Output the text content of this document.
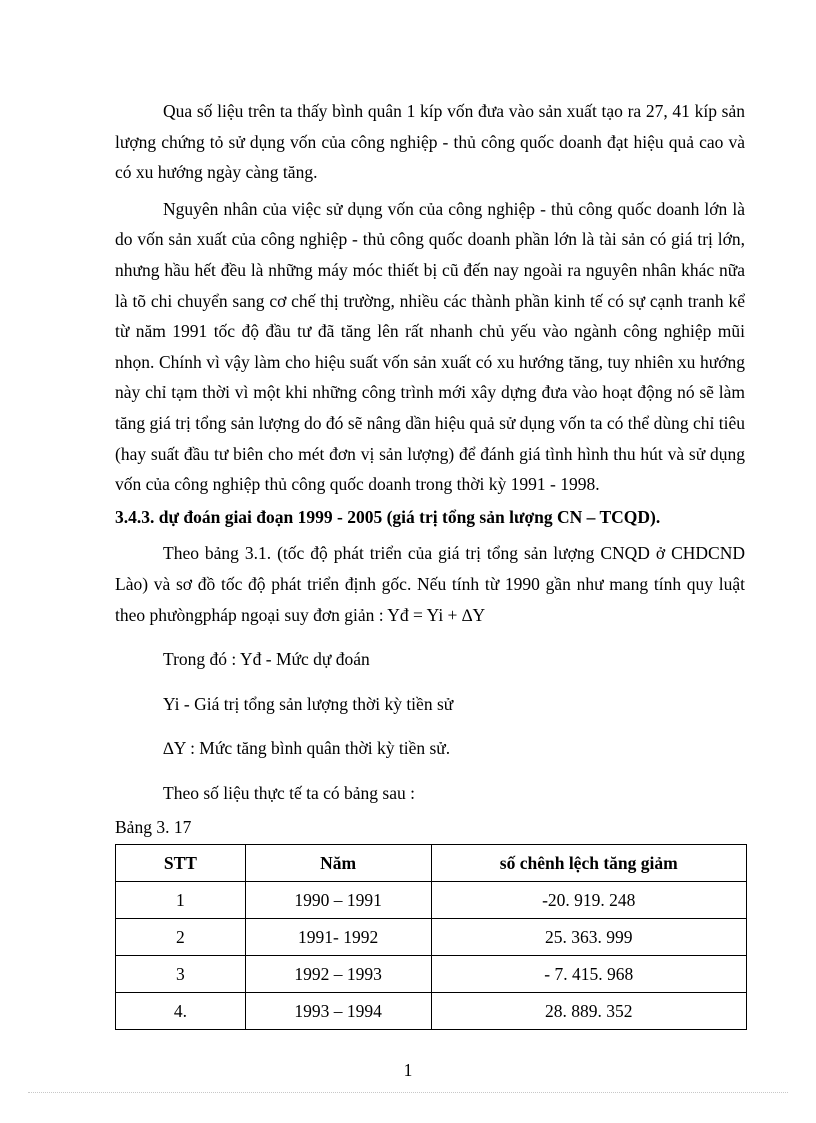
Qua số liệu trên ta thấy bình quân 1 kíp vốn đưa vào sản xuất tạo ra 27, 41 kíp sản lượng chứng tỏ sử dụng vốn của công nghiệp - thủ công quốc doanh đạt hiệu quả cao và có xu hướng ngày càng tăng.

Nguyên nhân của việc sử dụng vốn của công nghiệp - thủ công quốc doanh lớn là do vốn sản xuất của công nghiệp - thủ công quốc doanh phần lớn là tài sản có giá trị lớn, nhưng hầu hết đều là những máy móc thiết bị cũ đến nay ngoài ra nguyên nhân khác nữa là tõ chi chuyển sang cơ chế thị trường, nhiều các thành phần kinh tế có sự cạnh tranh kể từ năm 1991 tốc độ đầu tư đã tăng lên rất nhanh chủ yếu vào ngành công nghiệp mũi nhọn. Chính vì vậy làm cho hiệu suất vốn sản xuất có xu hướng tăng, tuy nhiên xu hướng này chỉ tạm thời vì một khi những công trình mới xây dựng đưa vào hoạt động nó sẽ làm tăng giá trị tổng sản lượng do đó sẽ nâng dần hiệu quả sử dụng vốn ta có thể dùng chỉ tiêu (hay suất đầu tư biên cho mét đơn vị sản lượng) để đánh giá tình hình thu hút và sử dụng vốn của công nghiệp thủ công quốc doanh trong thời kỳ 1991 - 1998.

3.4.3. dự đoán giai đoạn 1999 - 2005 (giá trị tổng sản lượng CN – TCQD).

Theo bảng 3.1. (tốc độ phát triển của giá trị tổng sản lượng CNQD ở CHDCND Lào) và sơ đồ tốc độ phát triển định gốc. Nếu tính từ 1990 gần như mang tính quy luật theo phưòngpháp ngoại suy đơn giản : Yđ = Yi + ∆Y

Trong đó : Yđ - Mức dự đoán

Yi - Giá trị tổng sản lượng thời kỳ tiền sử

∆Y : Mức tăng bình quân thời kỳ tiền sử.

Theo số liệu thực tế ta có bảng sau :

Bảng 3. 17

STT	Năm	số chênh lệch tăng giảm
1	1990 – 1991	-20. 919. 248
2	1991- 1992	25. 363. 999
3	1992 – 1993	- 7. 415. 968
4.	1993 – 1994	28. 889. 352
1
